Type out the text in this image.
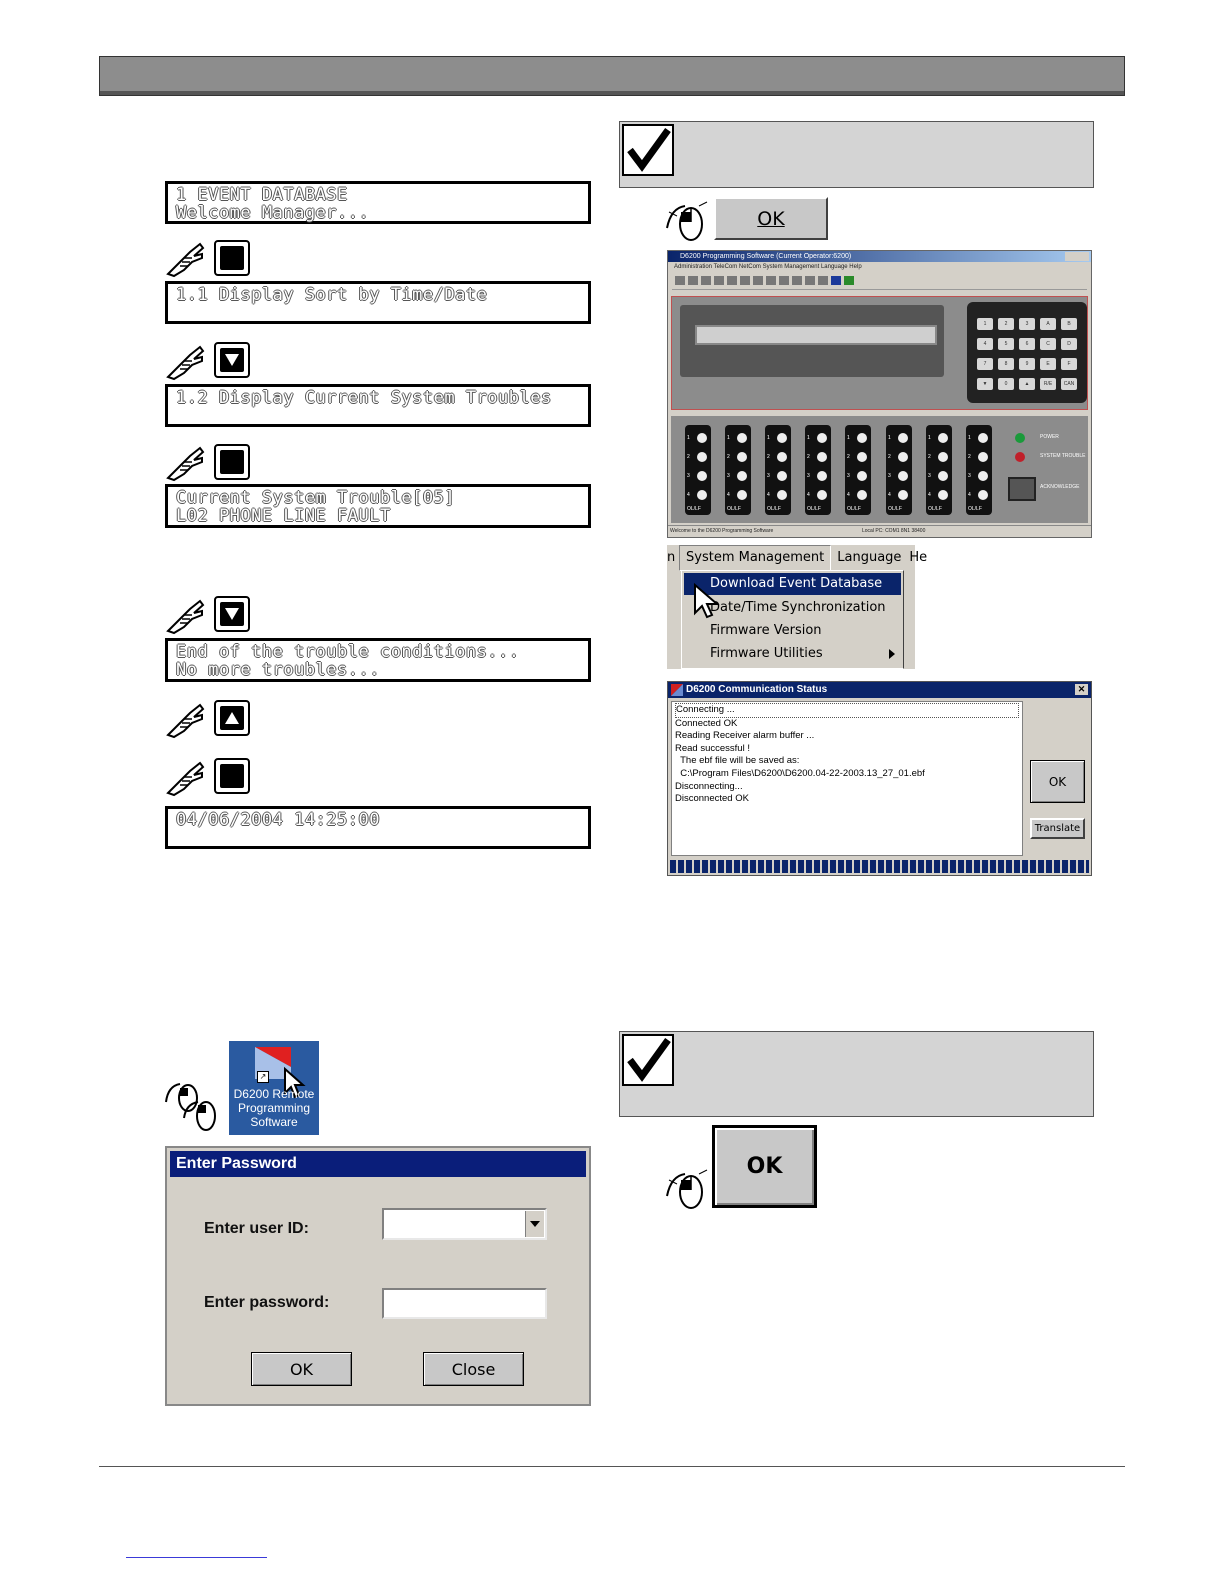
1 EVENT DATABASE
Welcome Manager...
1.1 Display Sort by Time/Date
1.2 Display Current System Troubles
Current System Trouble[05]
L02 PHONE LINE FAULT
End of the trouble conditions...
No more troubles...
04/06/2004 14:25:00
OK
D6200 Programming Software (Current Operator:6200)
Administration TeleCom NetCom System Management Language Help
1	2	3	A	B
4	5	6	C	D
7	8	9	E	F
▼	0	▲	R/E	CAN
1
2
3
4
OL/LF
1
2
3
4
OL/LF
1
2
3
4
OL/LF
1
2
3
4
OL/LF
1
2
3
4
OL/LF
1
2
3
4
OL/LF
1
2
3
4
OL/LF
1
2
3
4
OL/LF
POWER
SYSTEM TROUBLE
ACKNOWLEDGE
Welcome to the D6200 Programming Software	Local PC: COM1 8N1 38400
n System Management Language He
Download Event Database
Date/Time Synchronization
Firmware Version
Firmware Utilities
D6200 Communication Status	✕
Connecting ...
Connected OK
Reading Receiver alarm buffer ...
Read successful !
The ebf file will be saved as:
C:\Program Files\D6200\D6200.04-22-2003.13_27_01.ebf
Disconnecting...
Disconnected OK
OK
Translate
↗
D6200 Remote Programming Software
Enter Password
Enter user ID:
Enter password:
OK	Close
OK
